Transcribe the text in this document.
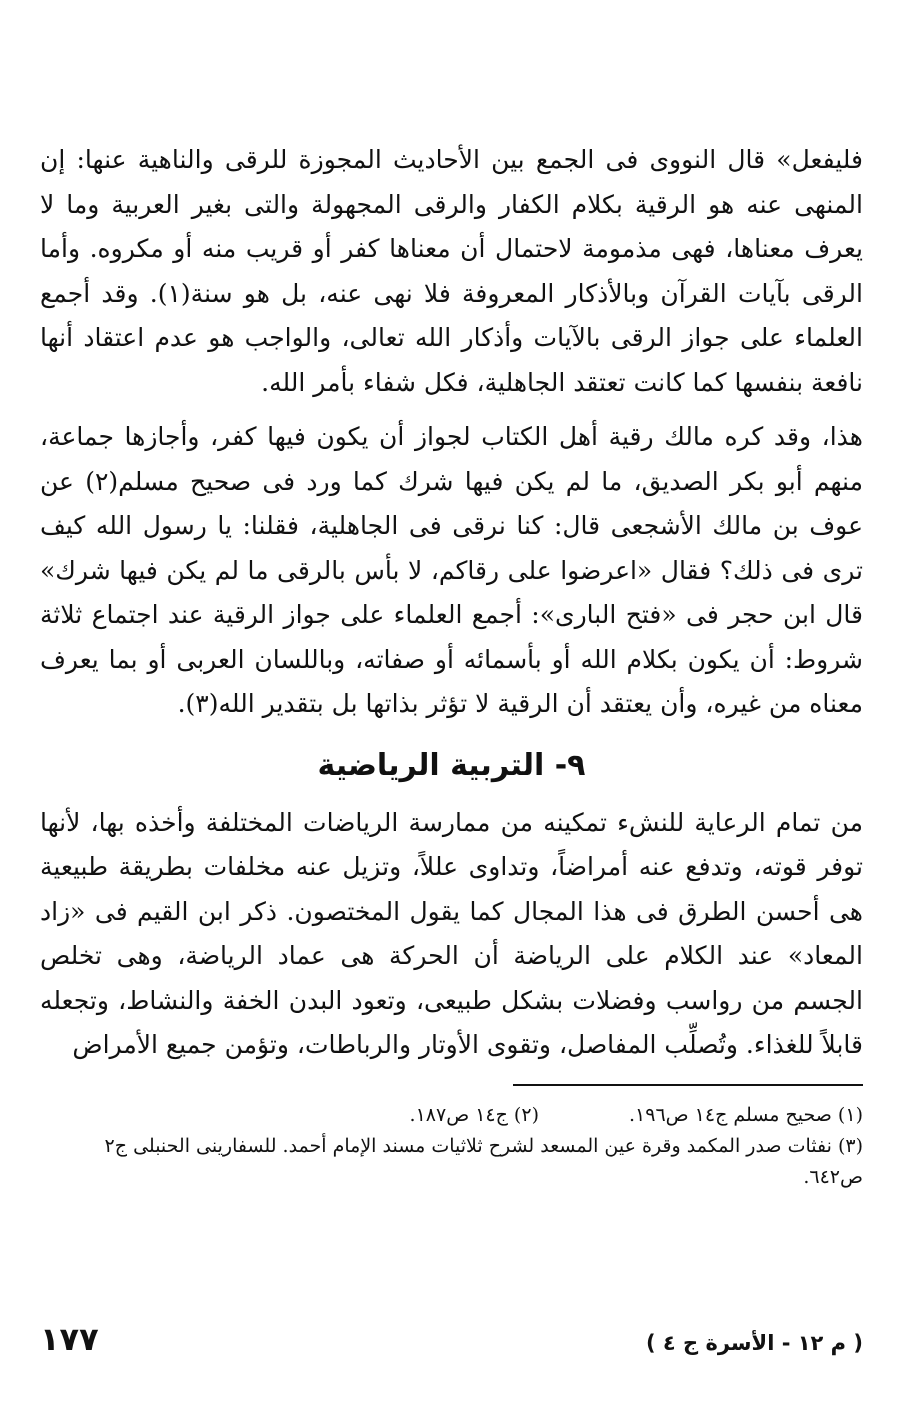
فليفعل» قال النووى فى الجمع بين الأحاديث المجوزة للرقى والناهية عنها: إن المنهى عنه هو الرقية بكلام الكفار والرقى المجهولة والتى بغير العربية وما لا يعرف معناها، فهى مذمومة لاحتمال أن معناها كفر أو قريب منه أو مكروه. وأما الرقى بآيات القرآن وبالأذكار المعروفة فلا نهى عنه، بل هو سنة(١). وقد أجمع العلماء على جواز الرقى بالآيات وأذكار الله تعالى، والواجب هو عدم اعتقاد أنها نافعة بنفسها كما كانت تعتقد الجاهلية، فكل شفاء بأمر الله.

هذا، وقد كره مالك رقية أهل الكتاب لجواز أن يكون فيها كفر، وأجازها جماعة، منهم أبو بكر الصديق، ما لم يكن فيها شرك كما ورد فى صحيح مسلم(٢) عن عوف بن مالك الأشجعى قال: كنا نرقى فى الجاهلية، فقلنا: يا رسول الله كيف ترى فى ذلك؟ فقال «اعرضوا على رقاكم، لا بأس بالرقى ما لم يكن فيها شرك» قال ابن حجر فى «فتح البارى»: أجمع العلماء على جواز الرقية عند اجتماع ثلاثة شروط: أن يكون بكلام الله أو بأسمائه أو صفاته، وباللسان العربى أو بما يعرف معناه من غيره، وأن يعتقد أن الرقية لا تؤثر بذاتها بل بتقدير الله(٣).

٩- التربية الرياضية

من تمام الرعاية للنشء تمكينه من ممارسة الرياضات المختلفة وأخذه بها، لأنها توفر قوته، وتدفع عنه أمراضاً، وتداوى عللاً، وتزيل عنه مخلفات بطريقة طبيعية هى أحسن الطرق فى هذا المجال كما يقول المختصون. ذكر ابن القيم فى «زاد المعاد» عند الكلام على الرياضة أن الحركة هى عماد الرياضة، وهى تخلص الجسم من رواسب وفضلات بشكل طبيعى، وتعود البدن الخفة والنشاط، وتجعله قابلاً للغذاء. وتُصلِّب المفاصل، وتقوى الأوتار والرباطات، وتؤمن جميع الأمراض

(١) صحيح مسلم ج١٤ ص١٩٦.

(٢) ج١٤ ص١٨٧.

(٣) نفثات صدر المكمد وقرة عين المسعد لشرح ثلاثيات مسند الإمام أحمد. للسفارينى الحنبلى ج٢ ص٦٤٢.

( م ١٢ - الأسرة ج ٤ )
١٧٧
